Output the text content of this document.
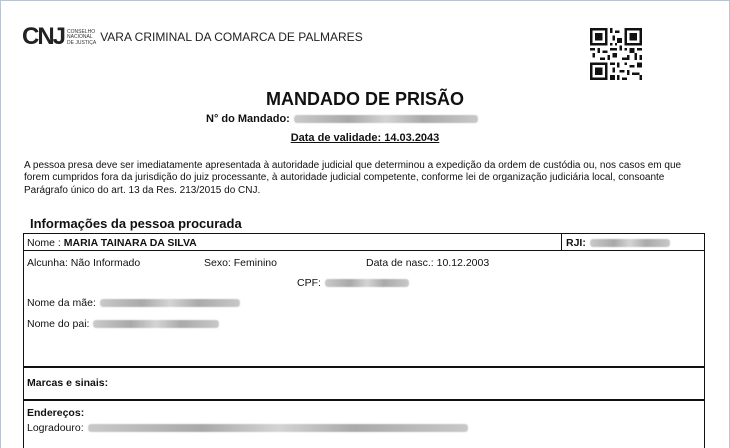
CNJ CONSELHO
NACIONAL
DE JUSTIÇA VARA CRIMINAL DA COMARCA DE PALMARES
MANDADO DE PRISÃO
N° do Mandado:
Data de validade: 14.03.2043

A pessoa presa deve ser imediatamente apresentada à autoridade judicial que determinou a expedição da ordem de custódia ou, nos casos em que forem cumpridos fora da jurisdição do juiz processante, à autoridade judicial competente, conforme lei de organização judiciária local, consoante Parágrafo único do art. 13 da Res. 213/2015 do CNJ.

Informações da pessoa procurada
Nome : MARIA TAINARA DA SILVA	RJI:
Alcunha: Não Informado	Sexo: Feminino	Data de nasc.: 10.12.2003
CPF:
Nome da mãe:
Nome do pai:
Marcas e sinais:
Endereços:
Logradouro:
